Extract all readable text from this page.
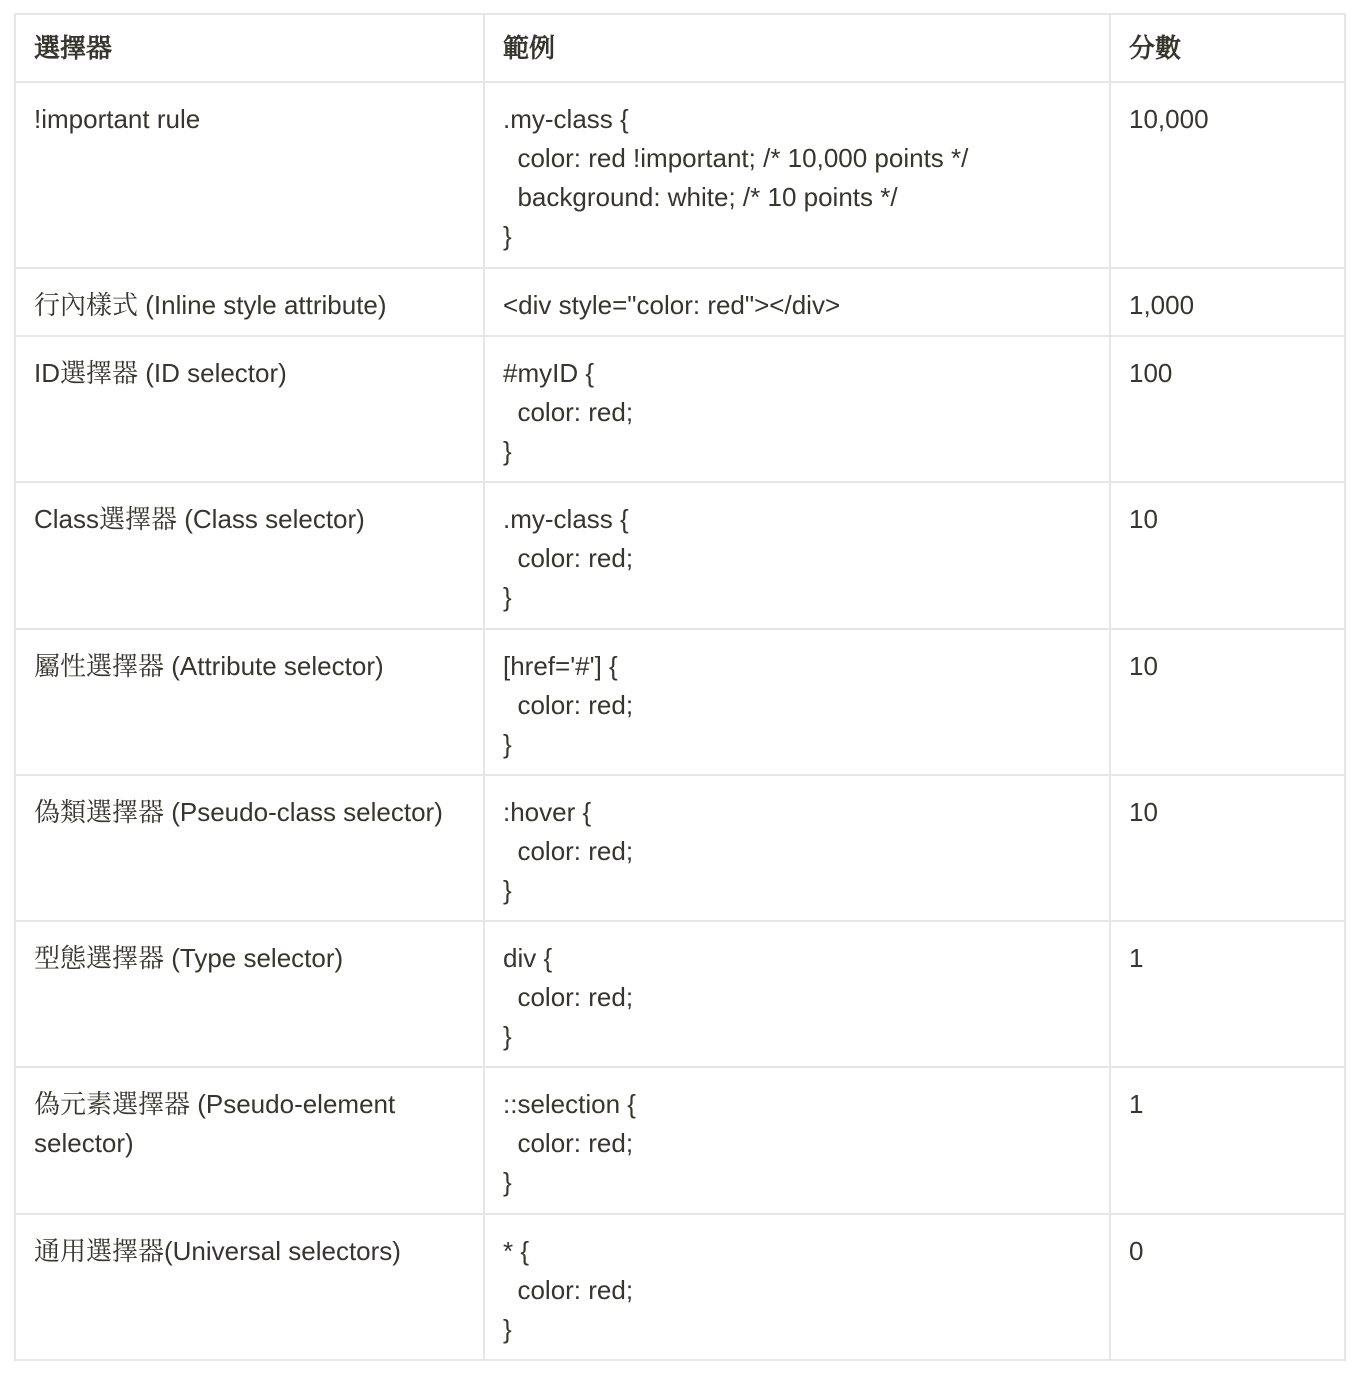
選擇器	範例	分數
!important rule	.my-class {
color: red !important; /* 10,000 points */
background: white; /* 10 points */
}	10,000
行內樣式 (Inline style attribute)	<div style="color: red"></div>	1,000
ID選擇器 (ID selector)	#myID {
color: red;
}	100
Class選擇器 (Class selector)	.my-class {
color: red;
}	10
屬性選擇器 (Attribute selector)	[href='#'] {
color: red;
}	10
偽類選擇器 (Pseudo-class selector)	:hover {
color: red;
}	10
型態選擇器 (Type selector)	div {
color: red;
}	1
偽元素選擇器 (Pseudo-element selector)	::selection {
color: red;
}	1
通用選擇器(Universal selectors)	* {
color: red;
}	0
